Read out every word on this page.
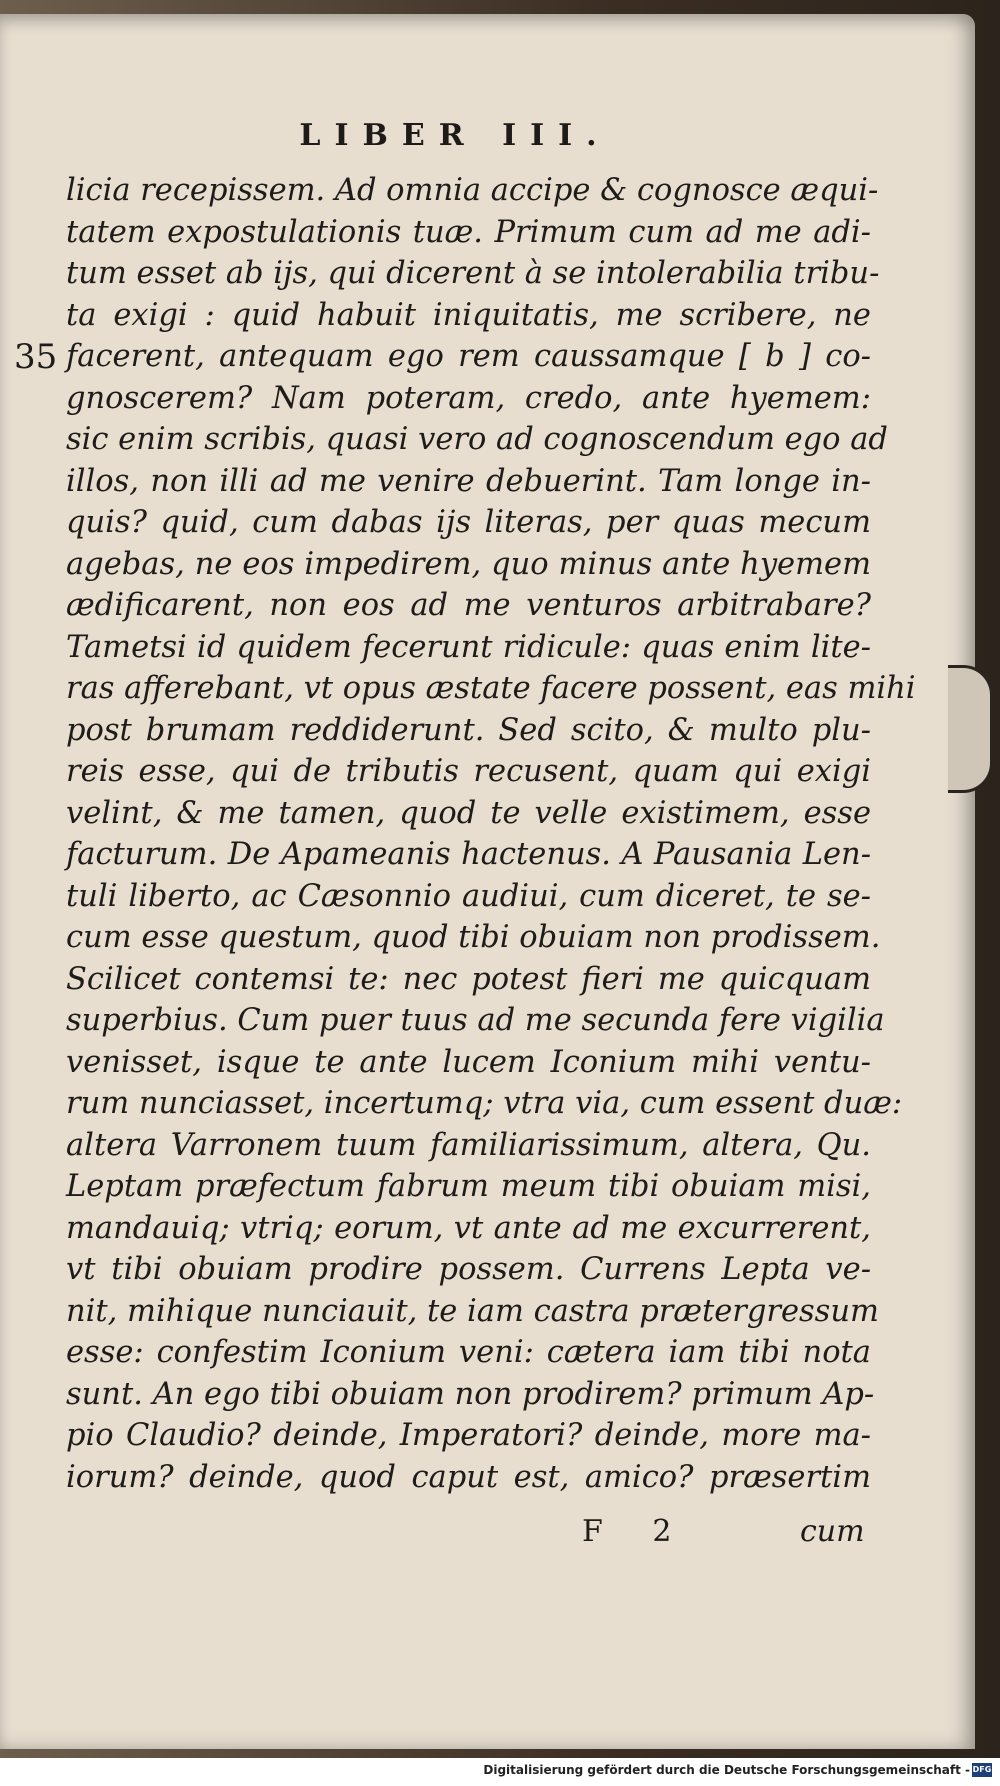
LIBER III.
35
licia recepissem. Ad omnia accipe & cognosce æqui-
tatem expostulationis tuæ. Primum cum ad me adi-
tum esset ab ijs, qui dicerent à se intolerabilia tribu-
ta exigi : quid habuit iniquitatis, me scribere, ne
facerent, antequam ego rem caussamque [ b ] co-
gnoscerem? Nam poteram, credo, ante hyemem:
sic enim scribis, quasi vero ad cognoscendum ego ad
illos, non illi ad me venire debuerint. Tam longe in-
quis? quid, cum dabas ijs literas, per quas mecum
agebas, ne eos impedirem, quo minus ante hyemem
ædificarent, non eos ad me venturos arbitrabare?
Tametsi id quidem fecerunt ridicule: quas enim lite-
ras afferebant, vt opus æstate facere possent, eas mihi
post brumam reddiderunt. Sed scito, & multo plu-
reis esse, qui de tributis recusent, quam qui exigi
velint, & me tamen, quod te velle existimem, esse
facturum. De Apameanis hactenus. A Pausania Len-
tuli liberto, ac Cæsonnio audiui, cum diceret, te se-
cum esse questum, quod tibi obuiam non prodissem.
Scilicet contemsi te: nec potest fieri me quicquam
superbius. Cum puer tuus ad me secunda fere vigilia
venisset, isque te ante lucem Iconium mihi ventu-
rum nunciasset, incertumq; vtra via, cum essent duæ:
altera Varronem tuum familiarissimum, altera, Qu.
Leptam præfectum fabrum meum tibi obuiam misi,
mandauiq; vtriq; eorum, vt ante ad me excurrerent,
vt tibi obuiam prodire possem. Currens Lepta ve-
nit, mihique nunciauit, te iam castra prætergressum
esse: confestim Iconium veni: cætera iam tibi nota
sunt. An ego tibi obuiam non prodirem? primum Ap-
pio Claudio? deinde, Imperatori? deinde, more ma-
iorum? deinde, quod caput est, amico? præsertim
F 2	cum
Digitalisierung gefördert durch die Deutsche Forschungsgemeinschaft - DFG
